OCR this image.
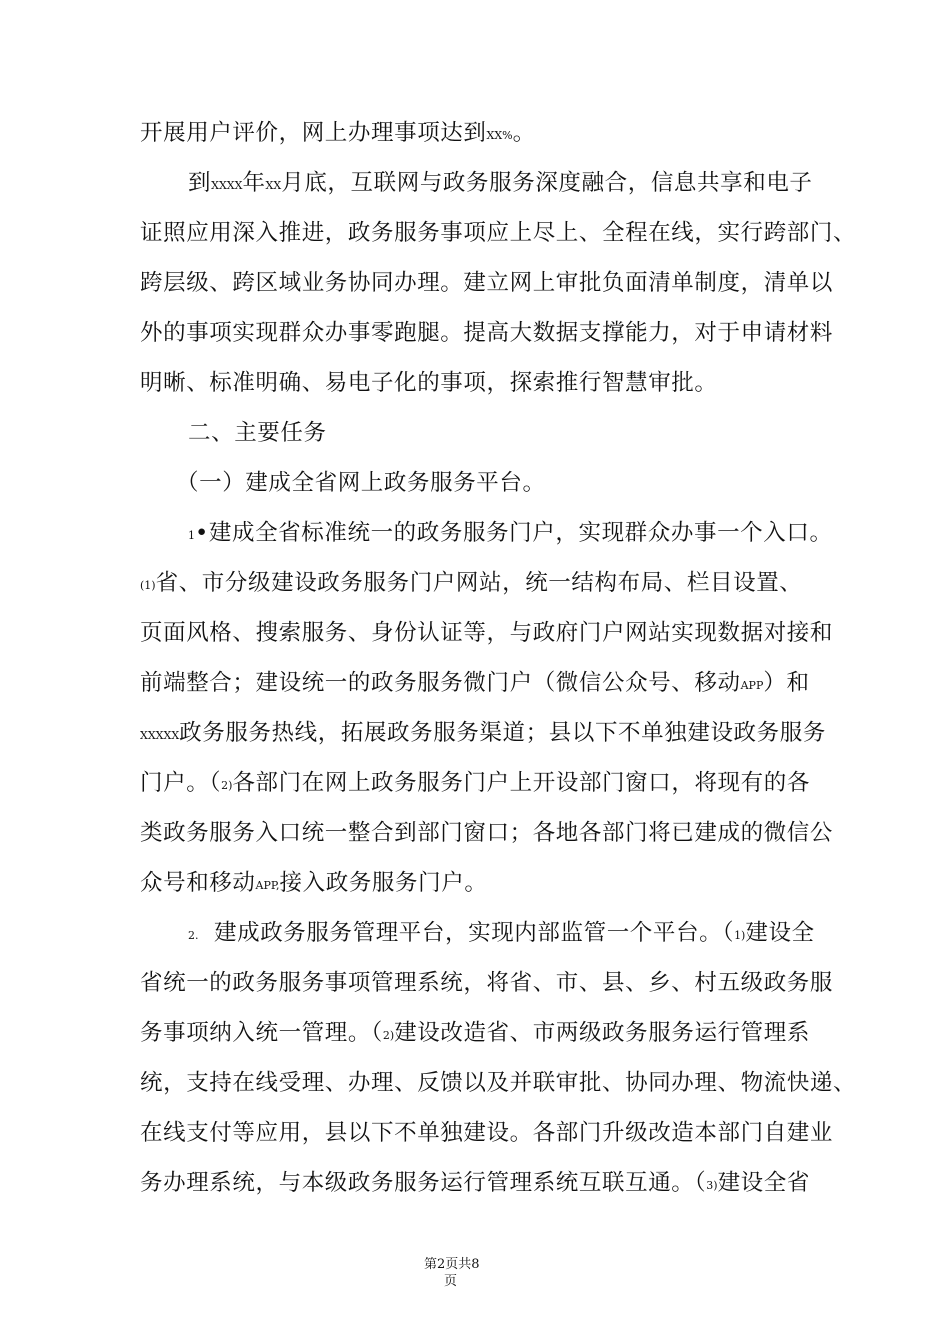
开展用户评价，网上办理事项达到XX%。
到XXXX年XX月底，互联网与政务服务深度融合，信息共享和电子
证照应用深入推进，政务服务事项应上尽上、全程在线，实行跨部门、
跨层级、跨区域业务协同办理。建立网上审批负面清单制度，清单以
外的事项实现群众办事零跑腿。提高大数据支撑能力，对于申请材料
明晰、标准明确、易电子化的事项，探索推行智慧审批。
二、主要任务
（一）建成全省网上政务服务平台。
1•建成全省标准统一的政务服务门户，实现群众办事一个入口。
(1)省、市分级建设政务服务门户网站，统一结构布局、栏目设置、
页面风格、搜索服务、身份认证等，与政府门户网站实现数据对接和
前端整合；建设统一的政务服务微门户（微信公众号、移动APP）和
XXXXX政务服务热线，拓展政务服务渠道；县以下不单独建设政务服务
门户。（2)各部门在网上政务服务门户上开设部门窗口，将现有的各
类政务服务入口统一整合到部门窗口；各地各部门将已建成的微信公
众号和移动APP,接入政务服务门户。
2.  建成政务服务管理平台，实现内部监管一个平台。（1)建设全
省统一的政务服务事项管理系统，将省、市、县、乡、村五级政务服
务事项纳入统一管理。（2)建设改造省、市两级政务服务运行管理系
统，支持在线受理、办理、反馈以及并联审批、协同办理、物流快递、
在线支付等应用，县以下不单独建设。各部门升级改造本部门自建业
务办理系统，与本级政务服务运行管理系统互联互通。（3)建设全省
第2页共8
页
